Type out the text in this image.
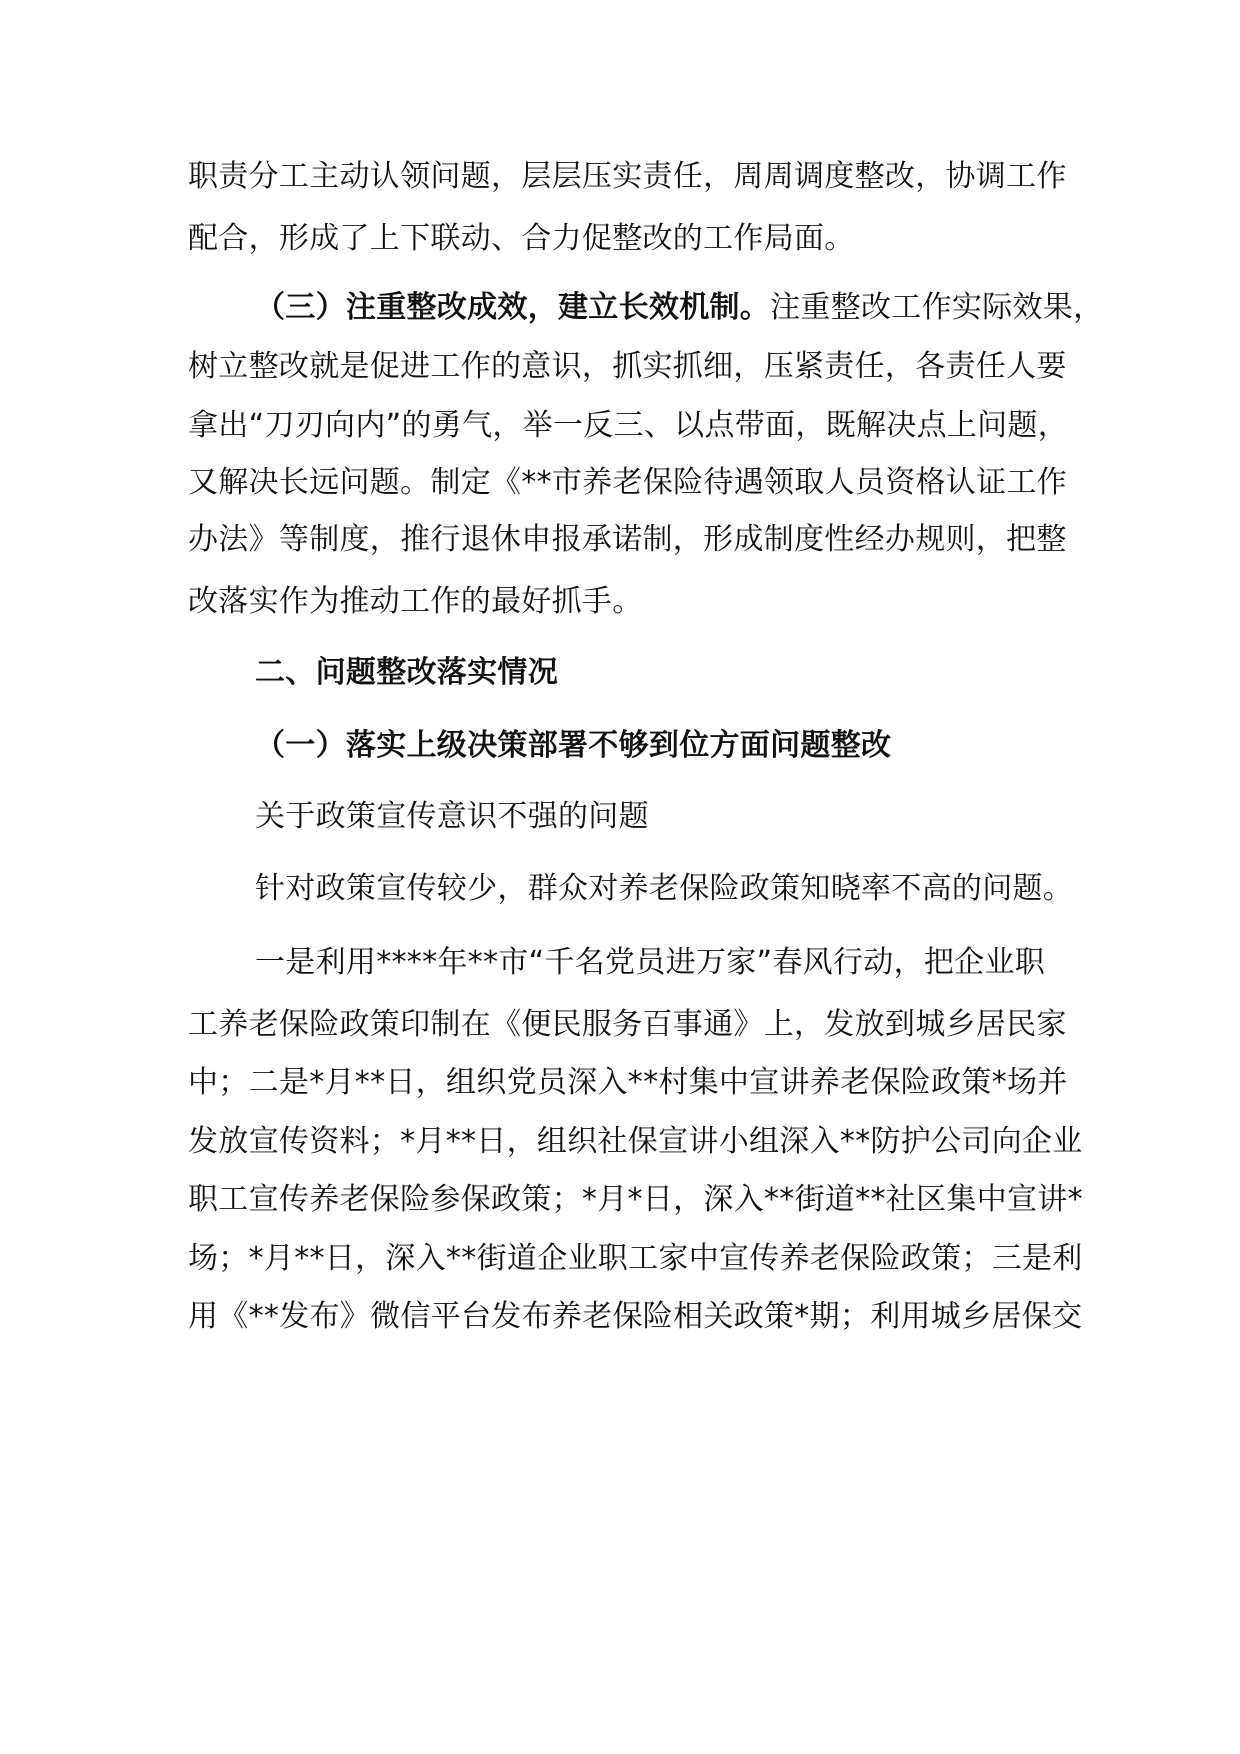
职责分工主动认领问题，层层压实责任，周周调度整改，协调工作
配合，形成了上下联动、合力促整改的工作局面。
（三）注重整改成效，建立长效机制。注重整改工作实际效果，
树立整改就是促进工作的意识，抓实抓细，压紧责任，各责任人要
拿出“刀刃向内”的勇气，举一反三、以点带面，既解决点上问题，
又解决长远问题。制定《**市养老保险待遇领取人员资格认证工作
办法》等制度，推行退休申报承诺制，形成制度性经办规则，把整
改落实作为推动工作的最好抓手。
二、问题整改落实情况
（一）落实上级决策部署不够到位方面问题整改
关于政策宣传意识不强的问题
针对政策宣传较少，群众对养老保险政策知晓率不高的问题。
一是利用****年**市“千名党员进万家”春风行动，把企业职
工养老保险政策印制在《便民服务百事通》上，发放到城乡居民家
中；二是*月**日，组织党员深入**村集中宣讲养老保险政策*场并
发放宣传资料；*月**日，组织社保宣讲小组深入**防护公司向企业
职工宣传养老保险参保政策；*月*日，深入**街道**社区集中宣讲*
场；*月**日，深入**街道企业职工家中宣传养老保险政策；三是利
用《**发布》微信平台发布养老保险相关政策*期；利用城乡居保交
